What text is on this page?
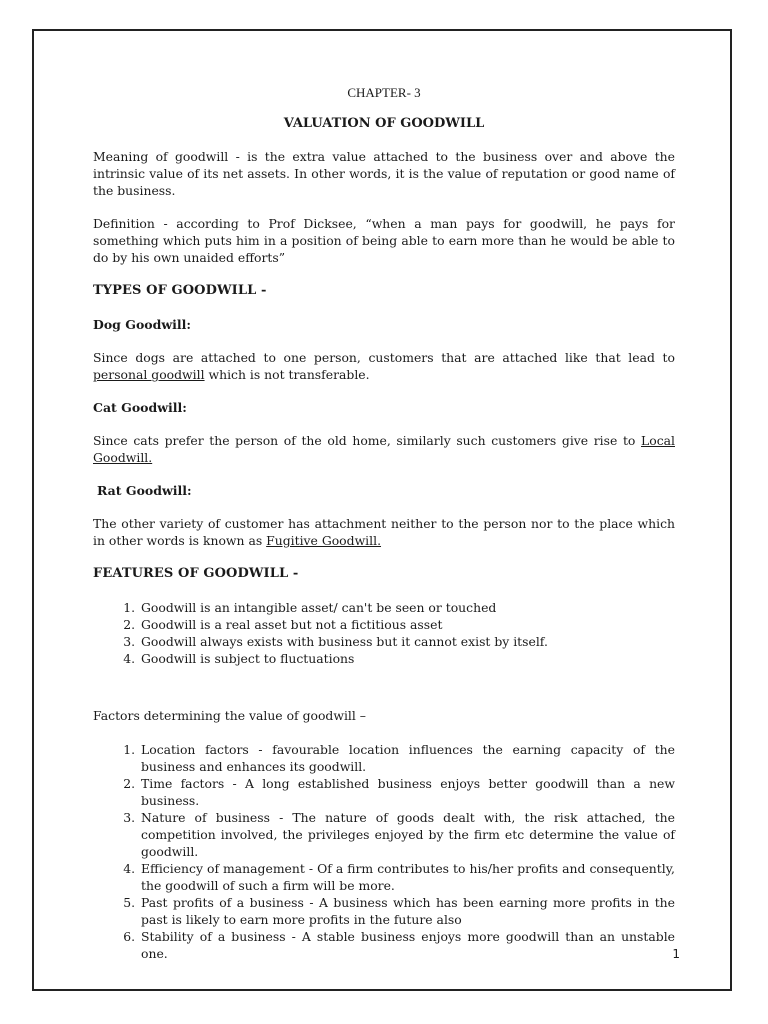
CHAPTER- 3
VALUATION OF GOODWILL

Meaning of goodwill - is the extra value attached to the business over and above the intrinsic value of its net assets. In other words, it is the value of reputation or good name of the business.

Definition - according to Prof Dicksee, “when a man pays for goodwill, he pays for something which puts him in a position of being able to earn more than he would be able to do by his own unaided efforts”

TYPES OF GOODWILL -
Dog Goodwill:

Since dogs are attached to one person, customers that are attached like that lead to personal goodwill which is not transferable.

Cat Goodwill:

Since cats prefer the person of the old home, similarly such customers give rise to Local Goodwill.

Rat Goodwill:

The other variety of customer has attachment neither to the person nor to the place which in other words is known as Fugitive Goodwill.

FEATURES OF GOODWILL -
1. Goodwill is an intangible asset/ can't be seen or touched
2. Goodwill is a real asset but not a fictitious asset
3. Goodwill always exists with business but it cannot exist by itself.
4. Goodwill is subject to fluctuations

Factors determining the value of goodwill –

1. Location factors - favourable location influences the earning capacity of the business and enhances its goodwill.
2. Time factors - A long established business enjoys better goodwill than a new business.
3. Nature of business - The nature of goods dealt with, the risk attached, the competition involved, the privileges enjoyed by the firm etc determine the value of goodwill.
4. Efficiency of management - Of a firm contributes to his/her profits and consequently, the goodwill of such a firm will be more.
5. Past profits of a business - A business which has been earning more profits in the past is likely to earn more profits in the future also
6. Stability of a business - A stable business enjoys more goodwill than an unstable one.	1
